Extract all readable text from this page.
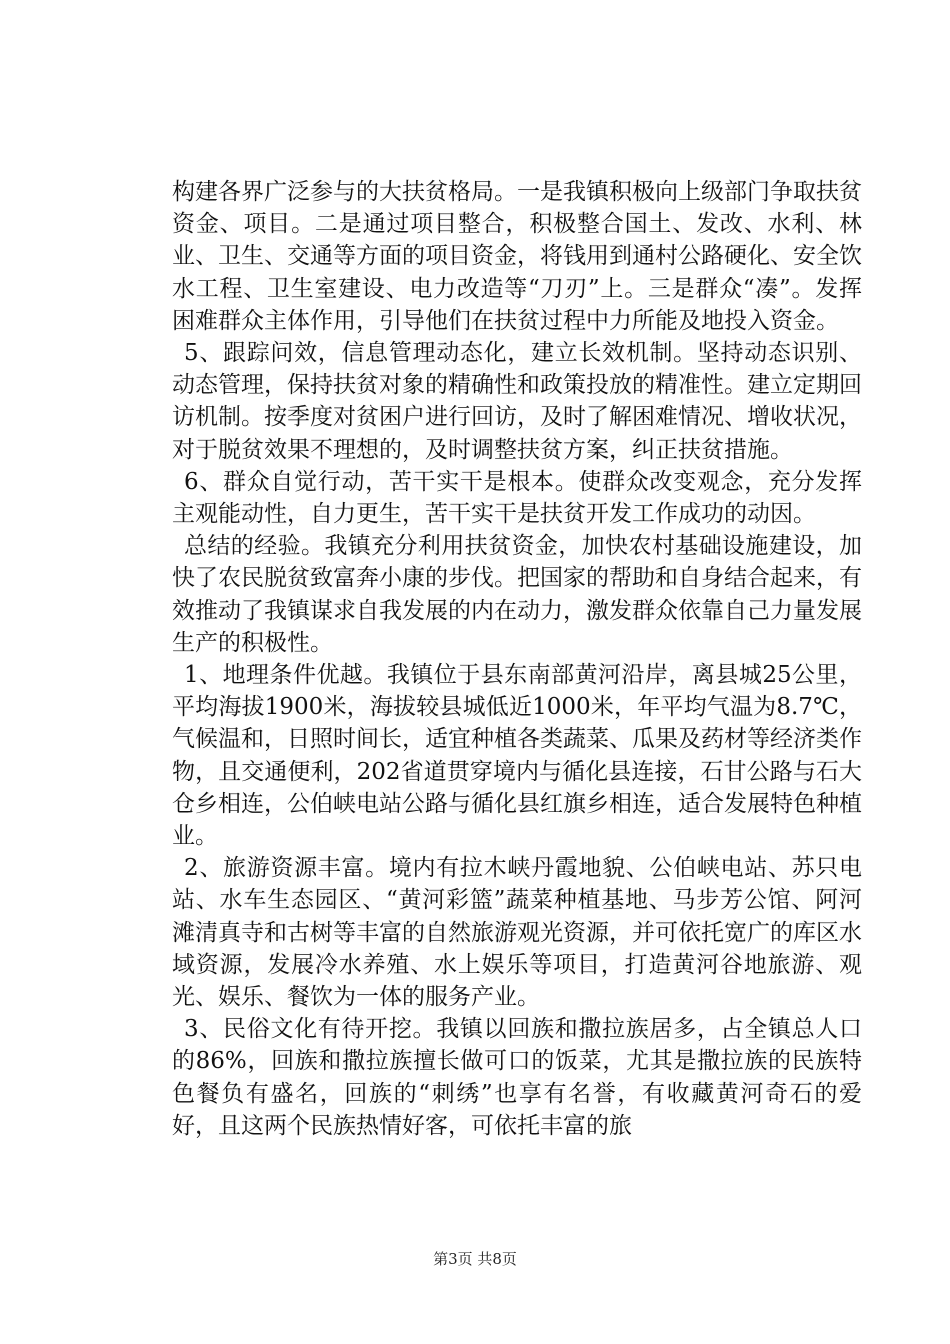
构建各界广泛参与的大扶贫格局。一是我镇积极向上级部门争取扶贫资金、项目。二是通过项目整合，积极整合国土、发改、水利、林业、卫生、交通等方面的项目资金，将钱用到通村公路硬化、安全饮水工程、卫生室建设、电力改造等“刀刃”上。三是群众“凑”。发挥困难群众主体作用，引导他们在扶贫过程中力所能及地投入资金。

5、跟踪问效，信息管理动态化，建立长效机制。坚持动态识别、动态管理，保持扶贫对象的精确性和政策投放的精准性。建立定期回访机制。按季度对贫困户进行回访，及时了解困难情况、增收状况，对于脱贫效果不理想的，及时调整扶贫方案，纠正扶贫措施。

6、群众自觉行动，苦干实干是根本。使群众改变观念，充分发挥主观能动性，自力更生，苦干实干是扶贫开发工作成功的动因。

总结的经验。我镇充分利用扶贫资金，加快农村基础设施建设，加快了农民脱贫致富奔小康的步伐。把国家的帮助和自身结合起来，有效推动了我镇谋求自我发展的内在动力，激发群众依靠自己力量发展生产的积极性。

1、地理条件优越。我镇位于县东南部黄河沿岸，离县城25公里，平均海拔1900米，海拔较县城低近1000米，年平均气温为8.7℃，气候温和，日照时间长，适宜种植各类蔬菜、瓜果及药材等经济类作物，且交通便利，202省道贯穿境内与循化县连接，石甘公路与石大仓乡相连，公伯峡电站公路与循化县红旗乡相连，适合发展特色种植业。

2、旅游资源丰富。境内有拉木峡丹霞地貌、公伯峡电站、苏只电站、水车生态园区、“黄河彩篮”蔬菜种植基地、马步芳公馆、阿河滩清真寺和古树等丰富的自然旅游观光资源，并可依托宽广的库区水域资源，发展冷水养殖、水上娱乐等项目，打造黄河谷地旅游、观光、娱乐、餐饮为一体的服务产业。

3、民俗文化有待开挖。我镇以回族和撒拉族居多，占全镇总人口的86%，回族和撒拉族擅长做可口的饭菜，尤其是撒拉族的民族特色餐负有盛名，回族的“刺绣”也享有名誉，有收藏黄河奇石的爱好，且这两个民族热情好客，可依托丰富的旅

第3页 共8页
